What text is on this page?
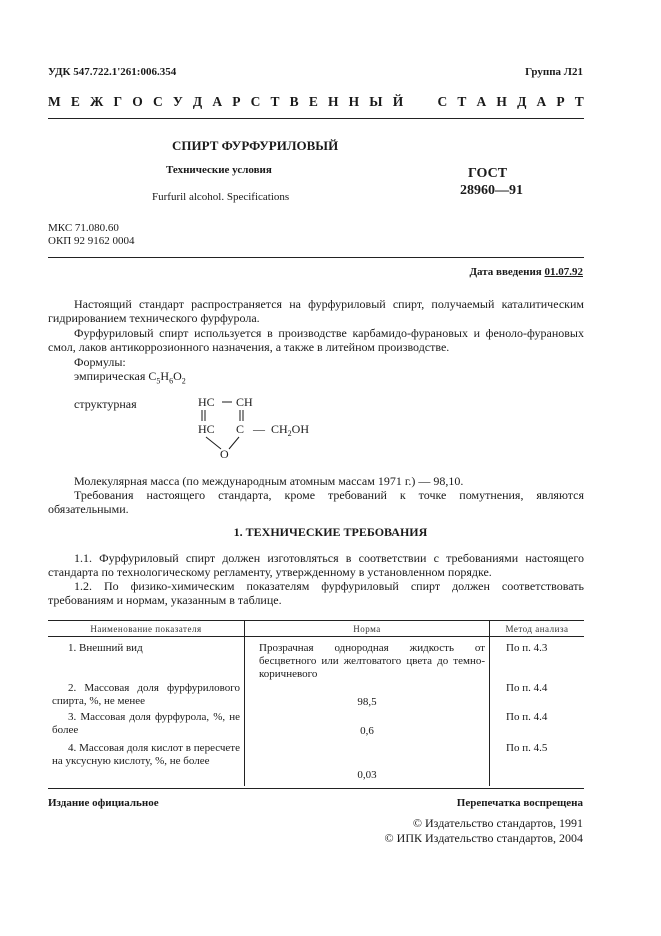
УДК 547.722.1'261:006.354	Группа Л21
М Е Ж Г О С У Д А Р С Т В Е Н Н Ы Й	С Т А Н Д А Р Т
СПИРТ ФУРФУРИЛОВЫЙ
Технические условия
Furfuril alcohol. Specifications
ГОСТ
28960—91
МКС 71.080.60
ОКП 92 9162 0004
Дата введения 01.07.92
Настоящий стандарт распространяется на фурфуриловый спирт, получаемый каталитическим гидрированием технического фурфурола.
Фурфуриловый спирт используется в производстве карбамидо-фурановых и феноло-фурановых смол, лаков антикоррозионного назначения, а также в литейном производстве.
Формулы:
эмпирическая $C_5H_6O_2$
структурная	HC CH
HC C — $CH_2OH$
O
Молекулярная масса (по международным атомным массам 1971 г.) — 98,10.
Требования настоящего стандарта, кроме требований к точке помутнения, являются обязательными.
1. ТЕХНИЧЕСКИЕ ТРЕБОВАНИЯ
1.1. Фурфуриловый спирт должен изготовляться в соответствии с требованиями настоящего стандарта по технологическому регламенту, утвержденному в установленном порядке.
1.2. По физико-химическим показателям фурфуриловый спирт должен соответствовать требованиям и нормам, указанным в таблице.
Наименование показателя	Норма	Метод анализа

1. Внешний вид	Прозрачная однородная жидкость от бесцветного или желтоватого цвета до темно-коричневого	По п. 4.3

2. Массовая доля фурфурилового спирта, %, не менее	98,5	По п. 4.4

3. Массовая доля фурфурола, %, не более	0,6	По п. 4.4

4. Массовая доля кислот в пересчете на уксусную кислоту, %, не более	0,03	По п. 4.5
Издание официальное	Перепечатка воспрещена
© Издательство стандартов, 1991
© ИПК Издательство стандартов, 2004
